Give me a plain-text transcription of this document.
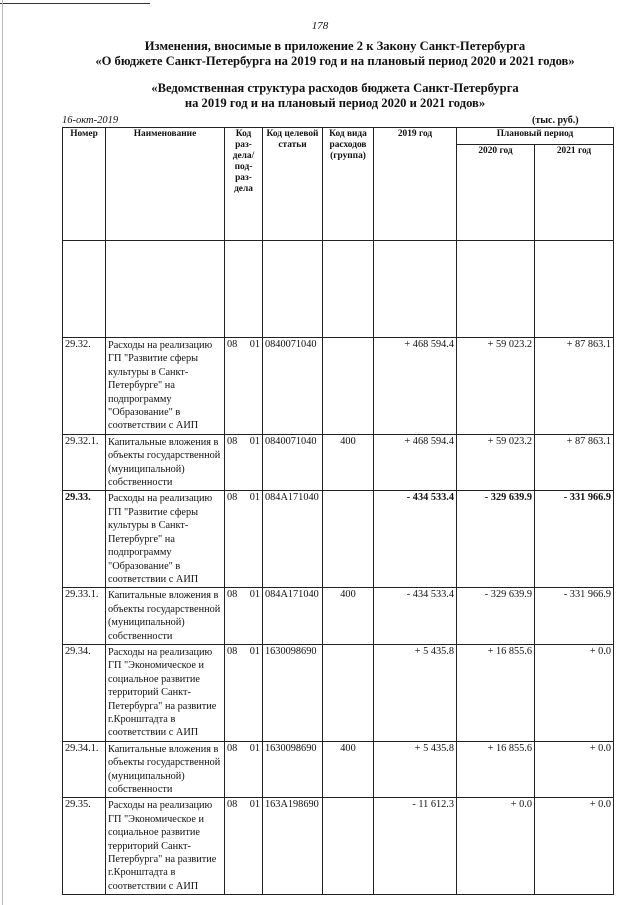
178
Изменения, вносимые в приложение 2 к Закону Санкт-Петербурга
«О бюджете Санкт-Петербурга на 2019 год и на плановый период 2020 и 2021 годов»
«Ведомственная структура расходов бюджета Санкт-Петербурга
на 2019 год и на плановый период 2020 и 2021 годов»
16-окт-2019	(тыс. руб.)
Номер	Наименование	Код раз- дела/ под- раз- дела	Код целевой статьи	Код вида расходов (группа)	2019 год	Плановый период	
						2020 год	2021 год

29.32.	Расходы на реализацию ГП "Развитие сферы культуры в Санкт-Петербурге" на подпрограмму "Образование" в соответствии с АИП	08 01	0840071040		+ 468 594.4	+ 59 023.2	+ 87 863.1
29.32.1.	Капитальные вложения в объекты государственной (муниципальной) собственности	08 01	0840071040	400	+ 468 594.4	+ 59 023.2	+ 87 863.1
29.33.	Расходы на реализацию ГП "Развитие сферы культуры в Санкт-Петербурге" на подпрограмму "Образование" в соответствии с АИП	08 01	084А171040		- 434 533.4	- 329 639.9	- 331 966.9
29.33.1.	Капитальные вложения в объекты государственной (муниципальной) собственности	08 01	084А171040	400	- 434 533.4	- 329 639.9	- 331 966.9
29.34.	Расходы на реализацию ГП "Экономическое и социальное развитие территорий Санкт-Петербурга" на развитие г.Кронштадта в соответствии с АИП	08 01	1630098690		+ 5 435.8	+ 16 855.6	+ 0.0
29.34.1.	Капитальные вложения в объекты государственной (муниципальной) собственности	08 01	1630098690	400	+ 5 435.8	+ 16 855.6	+ 0.0
29.35.	Расходы на реализацию ГП "Экономическое и социальное развитие территорий Санкт-Петербурга" на развитие г.Кронштадта в соответствии с АИП	08 01	163А198690		- 11 612.3	+ 0.0	+ 0.0
